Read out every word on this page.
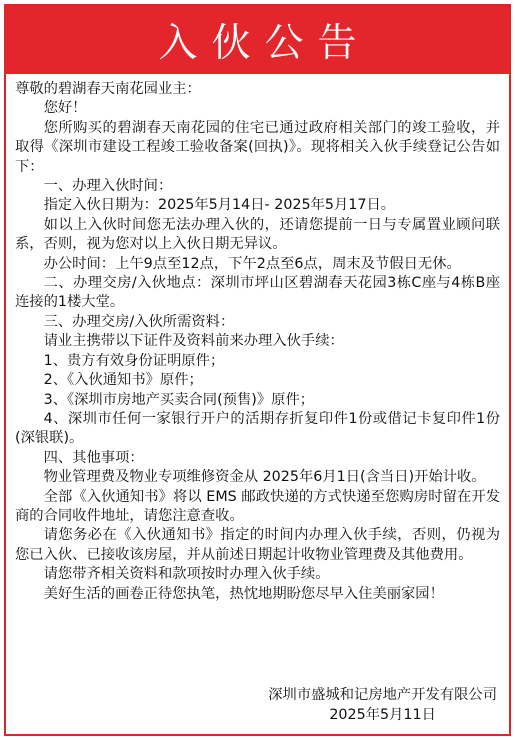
入伙公告

尊敬的碧湖春天南花园业主：

您好！

您所购买的碧湖春天南花园的住宅已通过政府相关部门的竣工验收，并取得《深圳市建设工程竣工验收备案(回执)》。现将相关入伙手续登记公告如下：

一、办理入伙时间：

指定入伙日期为：2025年5月14日- 2025年5月17日。

如以上入伙时间您无法办理入伙的，还请您提前一日与专属置业顾问联系，否则，视为您对以上入伙日期无异议。

办公时间：上午9点至12点，下午2点至6点，周末及节假日无休。

二、办理交房/入伙地点：深圳市坪山区碧湖春天花园3栋C座与4栋B座连接的1楼大堂。

三、办理交房/入伙所需资料：

请业主携带以下证件及资料前来办理入伙手续：

1、贵方有效身份证明原件；

2、《入伙通知书》原件；

3、《深圳市房地产买卖合同(预售)》原件；

4、深圳市任何一家银行开户的活期存折复印件1份或借记卡复印件1份(深银联)。

四、其他事项：

物业管理费及物业专项维修资金从 2025年6月1日(含当日)开始计收。

全部《入伙通知书》将以 EMS 邮政快递的方式快递至您购房时留在开发商的合同收件地址，请您注意查收。

请您务必在《入伙通知书》指定的时间内办理入伙手续，否则，仍视为您已入伙、已接收该房屋，并从前述日期起计收物业管理费及其他费用。

请您带齐相关资料和款项按时办理入伙手续。

美好生活的画卷正待您执笔，热忱地期盼您尽早入住美丽家园！

深圳市盛城和记房地产开发有限公司
2025年5月11日
